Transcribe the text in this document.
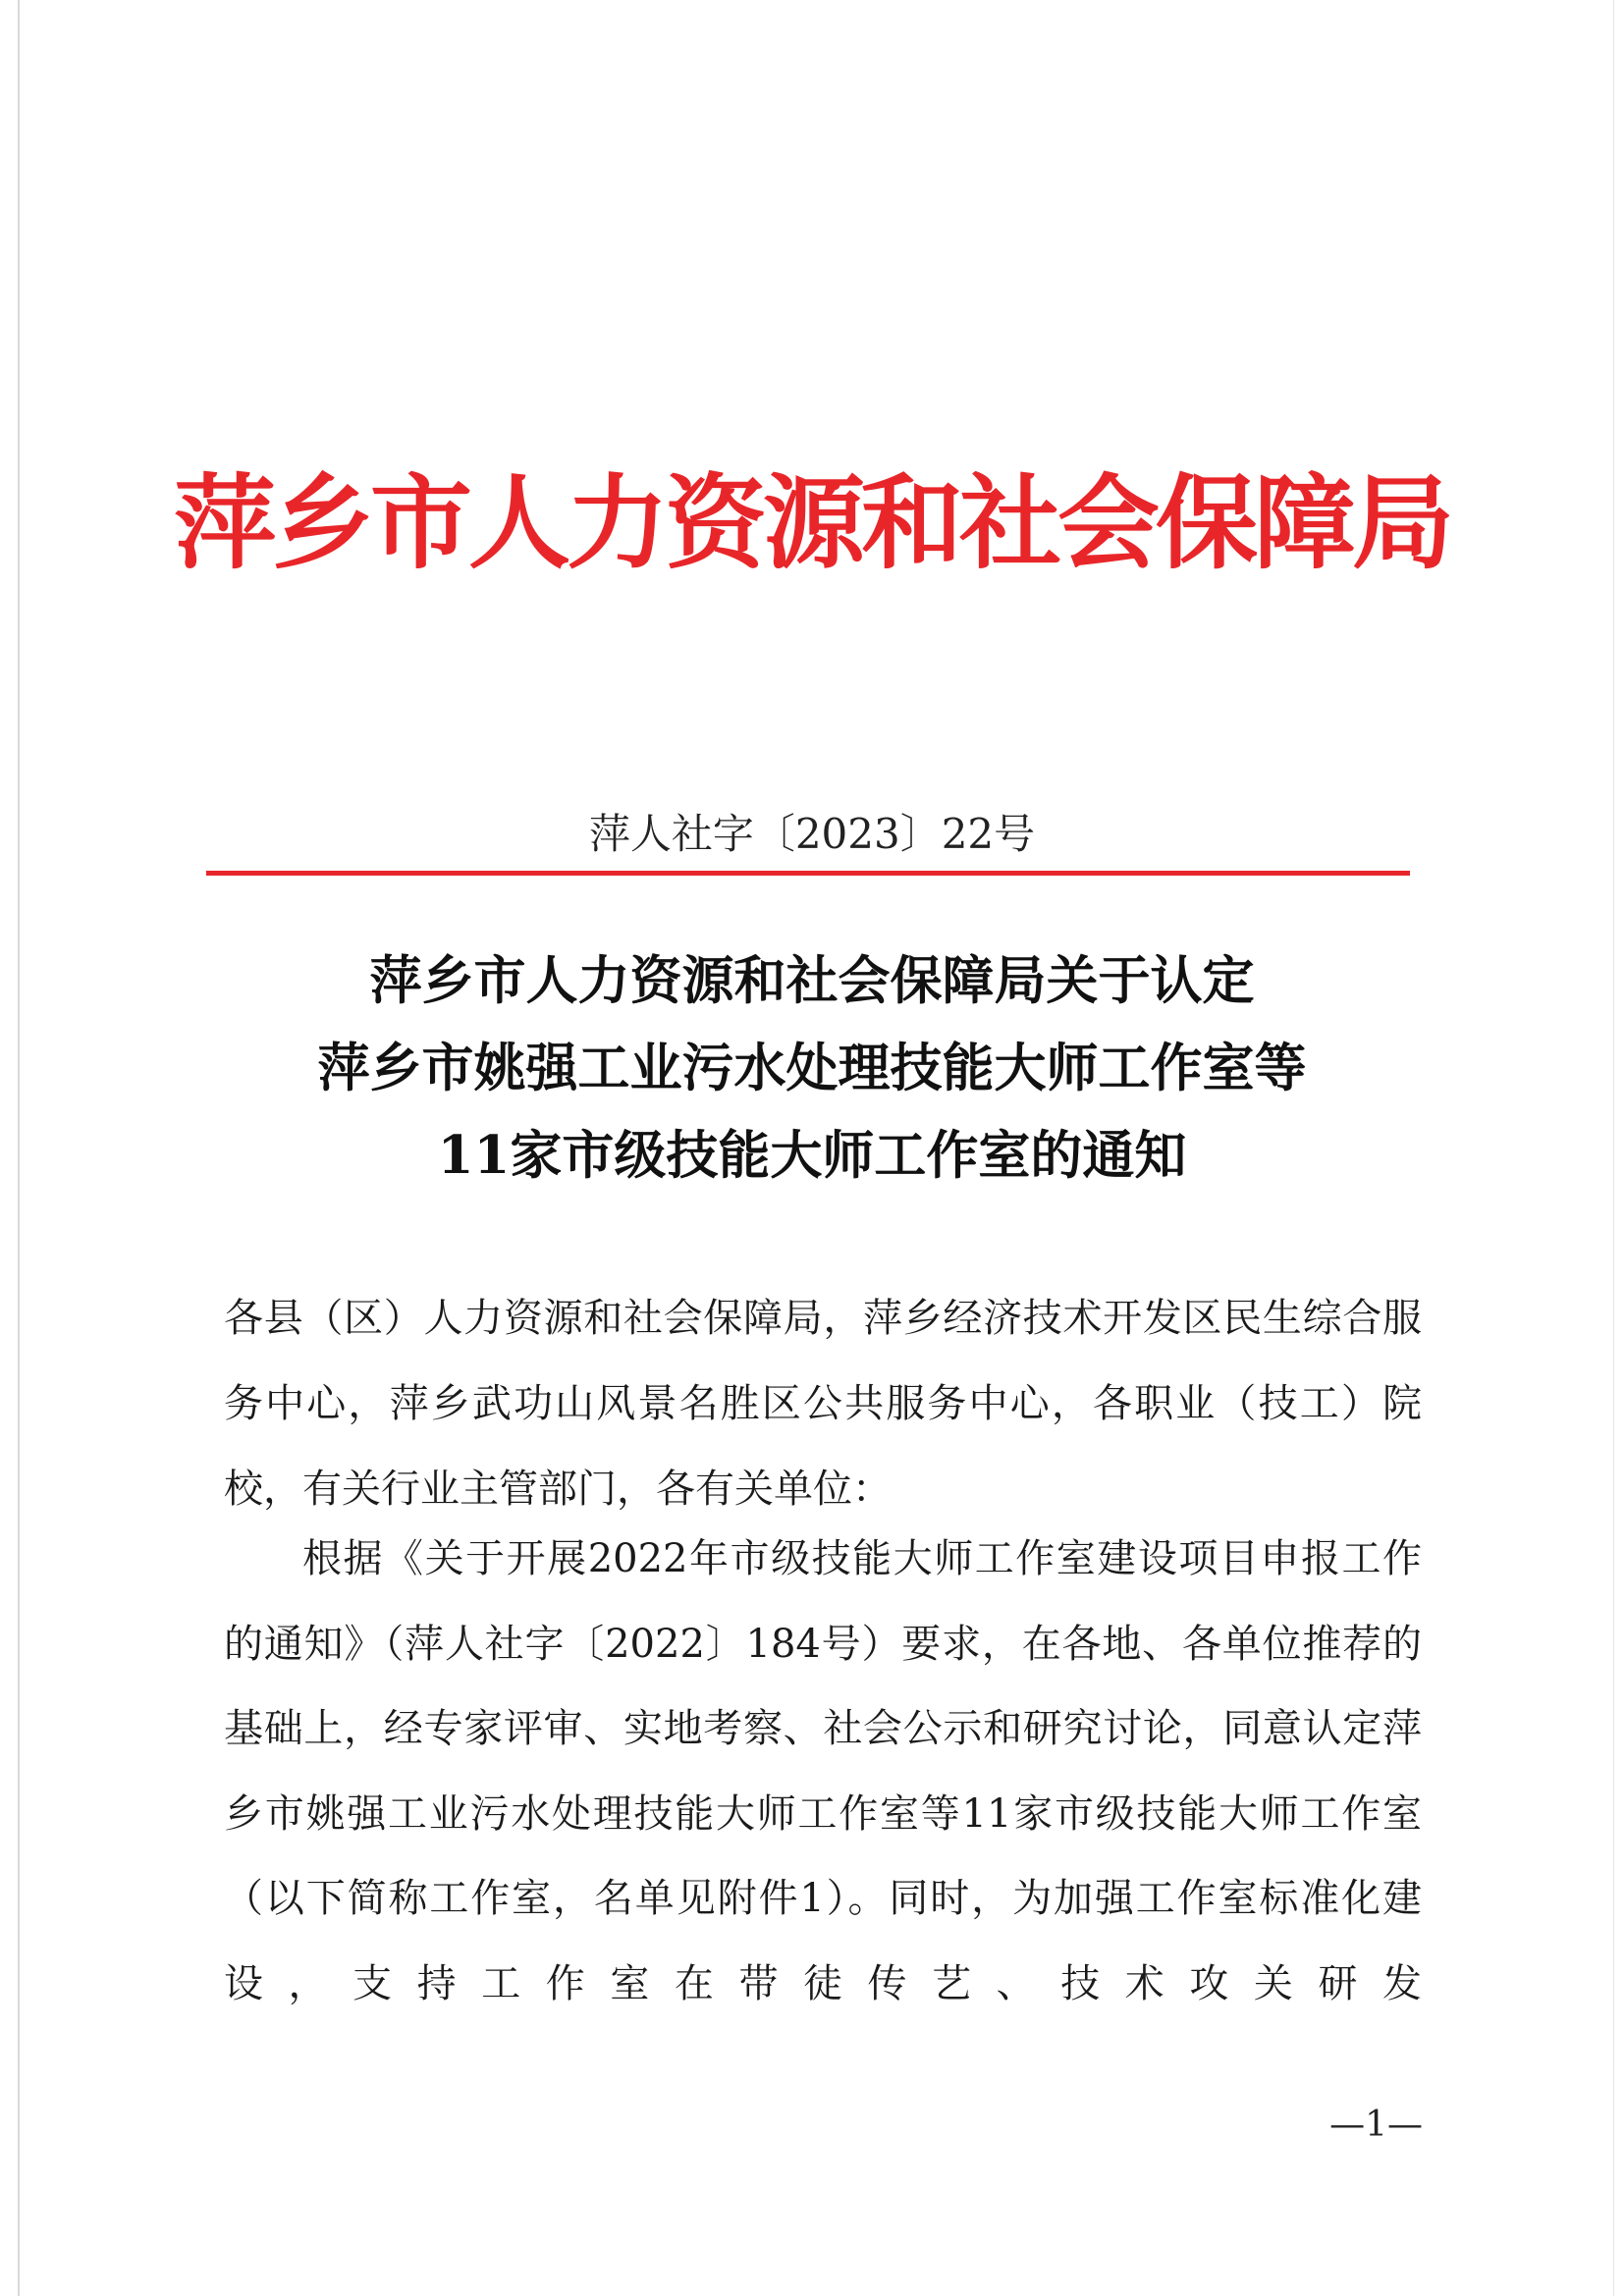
萍乡市人力资源和社会保障局
萍人社字〔2023〕22号
萍乡市人力资源和社会保障局关于认定
萍乡市姚强工业污水处理技能大师工作室等
11家市级技能大师工作室的通知
各县（区）人力资源和社会保障局，萍乡经济技术开发区民生综合服务中心，萍乡武功山风景名胜区公共服务中心，各职业（技工）院校，有关行业主管部门，各有关单位：
根据《关于开展2022年市级技能大师工作室建设项目申报工作的通知》（萍人社字〔2022〕184号）要求，在各地、各单位推荐的基础上，经专家评审、实地考察、社会公示和研究讨论，同意认定萍乡市姚强工业污水处理技能大师工作室等11家市级技能大师工作室（以下简称工作室，名单见附件1）。同时，为加强工作室标准化建设，支持工作室在带徒传艺、技术攻关研发
—1—
